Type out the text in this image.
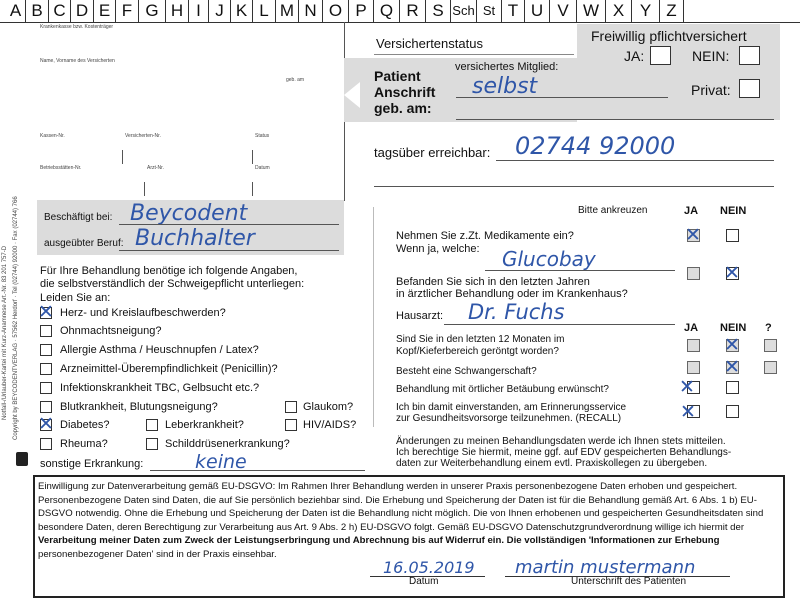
A B C D E F G H I J K L M N O P Q R S Sch St T U V W X Y Z
Notfall-/Urlauber-Kartei mit Kurz-Anamnese Art.-Nr. 83 201 757-D Copyright by BEYCODENTVERLAG · 57562 Herdorf · Tel (02744) 92000 · Fax (02744) 766
Krankenkasse bzw. Kostenträger
Name, Vorname des Versicherten
geb. am
Kassen-Nr.	Versicherten-Nr.	Status
Betriebsstätten-Nr.	Arzt-Nr.	Datum
Beschäftigt bei: Beycodent
ausgeübter Beruf: Buchhalter
Versichertenstatus	Freiwillig pflichtversichert
JA:	NEIN:
Privat:
Patient
Anschrift
geb. am:
versichertes Mitglied:
selbst
tagsüber erreichbar: 02744 92000
Für Ihre Behandlung benötige ich folgende Angaben,
die selbstverständlich der Schweigepflicht unterliegen:
Leiden Sie an:
✕ Herz- und Kreislaufbeschwerden?
Ohnmachtsneigung?
Allergie Asthma / Heuschnupfen / Latex?
Arzneimittel-Überempfindlichkeit (Penicillin)?
Infektionskrankheit TBC, Gelbsucht etc.?
Blutkrankheit, Blutungsneigung?	Glaukom?
✕ Diabetes?	Leberkrankheit?	HIV/AIDS?
Rheuma?	Schilddrüsenerkrankung?
sonstige Erkrankung:	keine
Bitte ankreuzen	JA NEIN
Nehmen Sie z.Zt. Medikamente ein?
Wenn ja, welche:
✕
Glucobay
Befanden Sie sich in den letzten Jahren
in ärztlicher Behandlung oder im Krankenhaus?
✕
Hausarzt: Dr. Fuchs
JA NEIN ?
Sind Sie in den letzten 12 Monaten im
Kopf/Kieferbereich geröntgt worden?	✕
Besteht eine Schwangerschaft?	✕
Behandlung mit örtlicher Betäubung erwünscht?	✕
Ich bin damit einverstanden, am Erinnerungsservice
zur Gesundheitsvorsorge teilzunehmen. (RECALL)	✕
Änderungen zu meinen Behandlungsdaten werde ich Ihnen stets mitteilen.
Ich berechtige Sie hiermit, meine ggf. auf EDV gespeicherten Behandlungs-
daten zur Weiterbehandlung einem evtl. Praxiskollegen zu übergeben.
Einwilligung zur Datenverarbeitung gemäß EU-DSGVO: Im Rahmen Ihrer Behandlung werden in unserer Praxis personenbezogene Daten erhoben und gespeichert.
Personenbezogene Daten sind Daten, die auf Sie persönlich beziehbar sind. Die Erhebung und Speicherung der Daten ist für die Behandlung gemäß Art. 6 Abs. 1 b) EU-
DSGVO notwendig. Ohne die Erhebung und Speicherung der Daten ist die Behandlung nicht möglich. Die von Ihnen erhobenen und gespeicherten Gesundheitsdaten sind
besondere Daten, deren Berechtigung zur Verarbeitung aus Art. 9 Abs. 2 h) EU-DSGVO folgt. Gemäß EU-DSGVO Datenschutzgrundverordnung willige ich hiermit der
Verarbeitung meiner Daten zum Zweck der Leistungserbringung und Abrechnung bis auf Widerruf ein. Die vollständigen 'Informationen zur Erhebung
personenbezogener Daten' sind in der Praxis einsehbar.
16.05.2019
Datum
martin mustermann
Unterschrift des Patienten
